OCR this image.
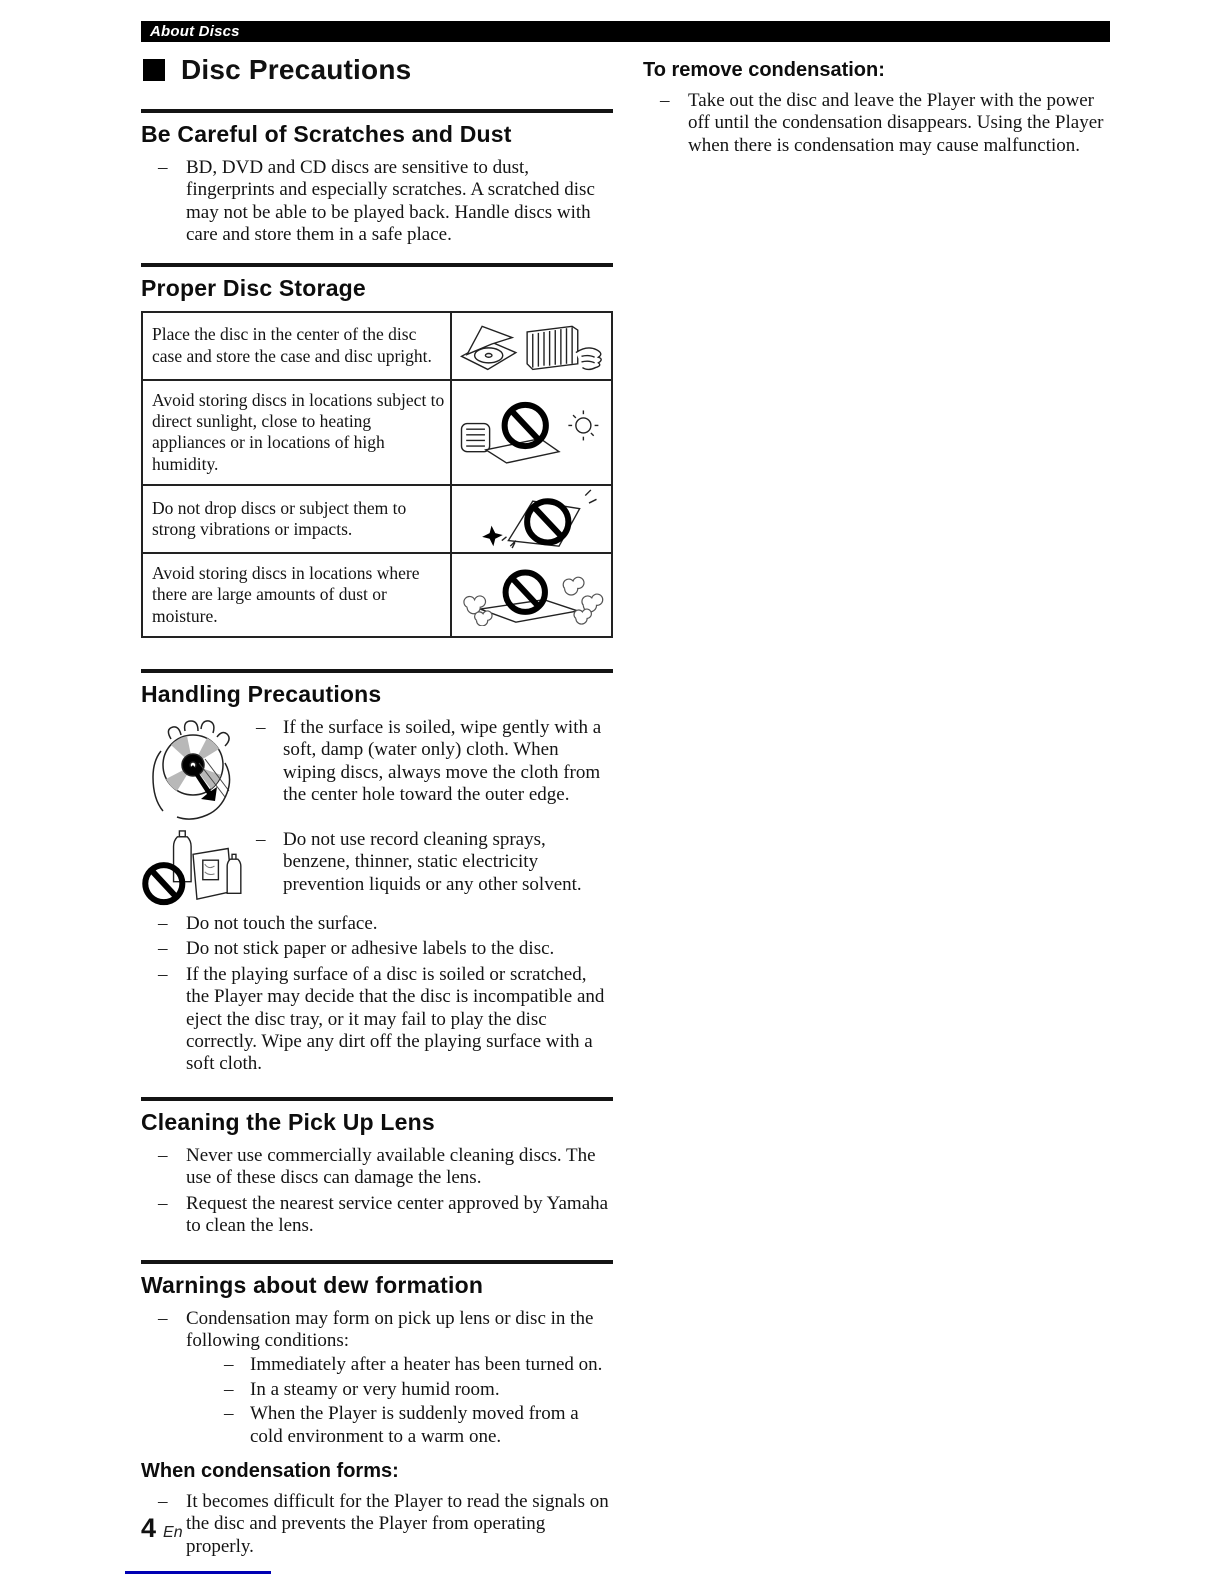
About Discs
Disc Precautions
Be Careful of Scratches and Dust
– BD, DVD and CD discs are sensitive to dust, fingerprints and especially scratches. A scratched disc may not be able to be played back. Handle discs with care and store them in a safe place.
Proper Disc Storage
Place the disc in the center of the disc case and store the case and disc upright.	

Avoid storing discs in locations subject to direct sunlight, close to heating appliances or in locations of high humidity.	

Do not drop discs or subject them to strong vibrations or impacts.	

Avoid storing discs in locations where there are large amounts of dust or moisture.	
Handling Precautions
– If the surface is soiled, wipe gently with a soft, damp (water only) cloth. When wiping discs, always move the cloth from the center hole toward the outer edge.
– Do not use record cleaning sprays, benzene, thinner, static electricity prevention liquids or any other solvent.
– Do not touch the surface.
– Do not stick paper or adhesive labels to the disc.
– If the playing surface of a disc is soiled or scratched, the Player may decide that the disc is incompatible and eject the disc tray, or it may fail to play the disc correctly. Wipe any dirt off the playing surface with a soft cloth.
Cleaning the Pick Up Lens
– Never use commercially available cleaning discs. The use of these discs can damage the lens.
– Request the nearest service center approved by Yamaha to clean the lens.
Warnings about dew formation
– Condensation may form on pick up lens or disc in the following conditions:
– Immediately after a heater has been turned on.
– In a steamy or very humid room.
– When the Player is suddenly moved from a cold environment to a warm one.
When condensation forms:
– It becomes difficult for the Player to read the signals on the disc and prevents the Player from operating properly.
To remove condensation:
– Take out the disc and leave the Player with the power off until the condensation disappears. Using the Player when there is condensation may cause malfunction.
4 En
